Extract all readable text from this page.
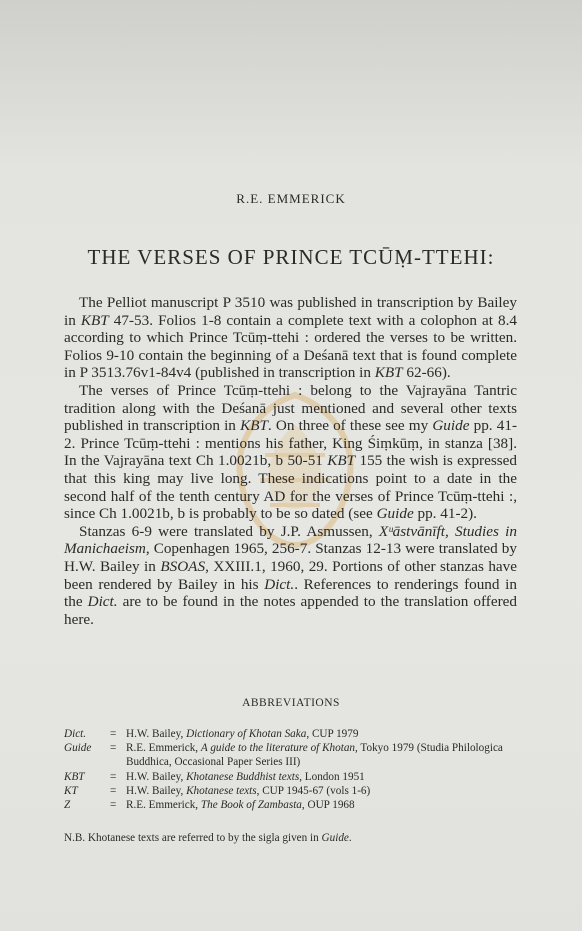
R.E. EMMERICK
THE VERSES OF PRINCE TCŪṂ-TTEHI:

The Pelliot manuscript P 3510 was published in transcription by Bailey in KBT 47-53. Folios 1-8 contain a complete text with a colophon at 8.4 according to which Prince Tcūṃ-ttehi : ordered the verses to be written. Folios 9-10 contain the beginning of a Deśanā text that is found complete in P 3513.76v1-84v4 (published in transcription in KBT 62-66).

The verses of Prince Tcūṃ-ttehi : belong to the Vajrayāna Tantric tradition along with the Deśanā just mentioned and several other texts published in transcription in KBT. On three of these see my Guide pp. 41-2. Prince Tcūṃ-ttehi : mentions his father, King Śiṃkūṃ, in stanza [38]. In the Vajrayāna text Ch 1.0021b, b 50-51 KBT 155 the wish is expressed that this king may live long. These indications point to a date in the second half of the tenth century AD for the verses of Prince Tcūṃ-ttehi :, since Ch 1.0021b, b is probably to be so dated (see Guide pp. 41-2).

Stanzas 6-9 were translated by J.P. Asmussen, Xᵘāstvānīft, Studies in Manichaeism, Copenhagen 1965, 256-7. Stanzas 12-13 were translated by H.W. Bailey in BSOAS, XXIII.1, 1960, 29. Portions of other stanzas have been rendered by Bailey in his Dict.. References to renderings found in the Dict. are to be found in the notes appended to the translation offered here.

ABBREVIATIONS
Dict.	= H.W. Bailey, Dictionary of Khotan Saka, CUP 1979
Guide	= R.E. Emmerick, A guide to the literature of Khotan, Tokyo 1979 (Studia Philologica Buddhica, Occasional Paper Series III)
KBT	= H.W. Bailey, Khotanese Buddhist texts, London 1951
KT	= H.W. Bailey, Khotanese texts, CUP 1945-67 (vols 1-6)
Z	= R.E. Emmerick, The Book of Zambasta, OUP 1968
N.B. Khotanese texts are referred to by the sigla given in Guide.
